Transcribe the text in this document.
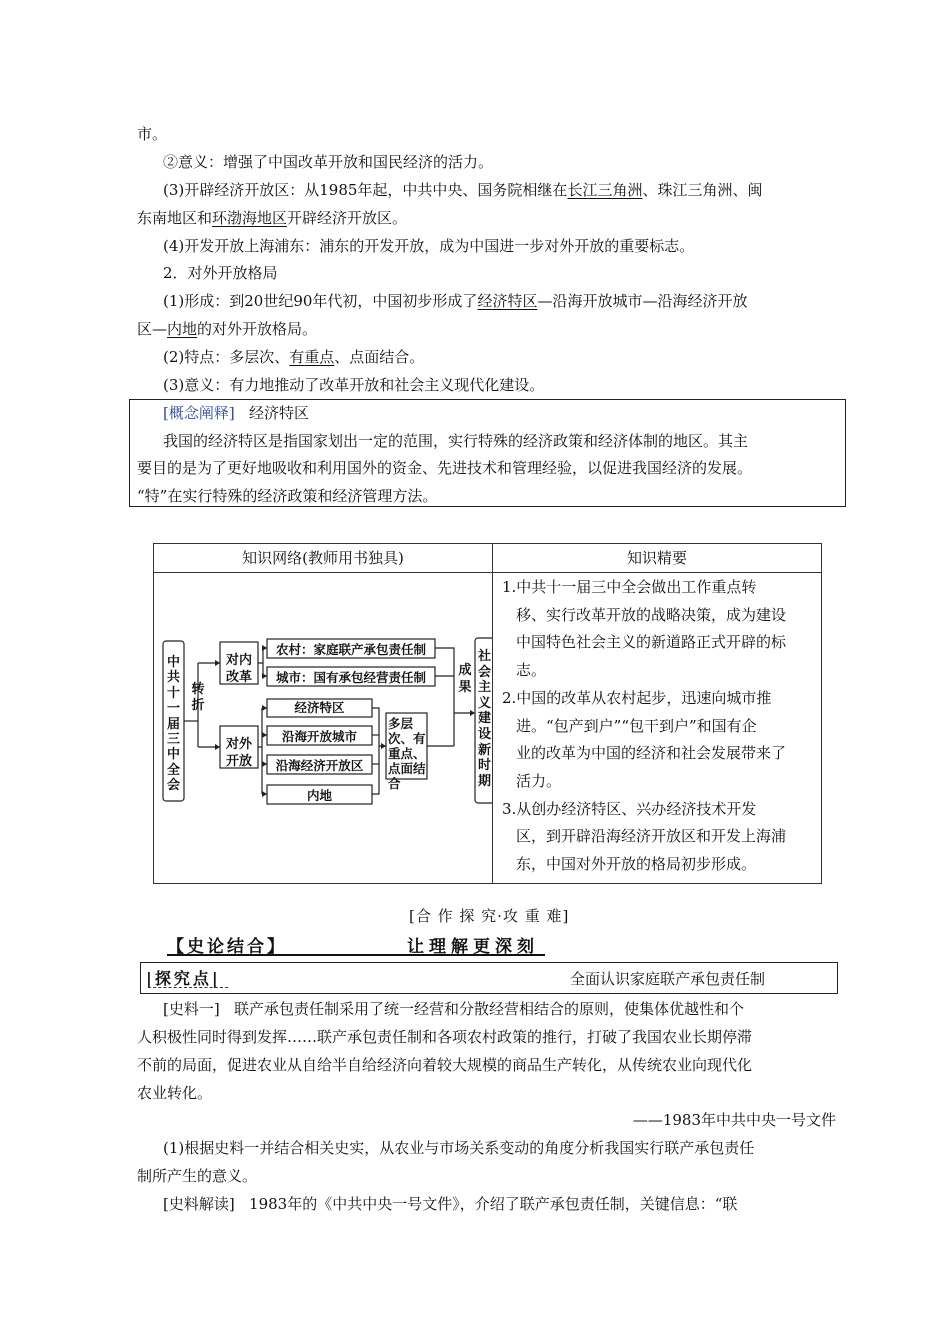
市。
②意义：增强了中国改革开放和国民经济的活力。
(3)开辟经济开放区：从1985年起，中共中央、国务院相继在长江三角洲、珠江三角洲、闽
东南地区和环渤海地区开辟经济开放区。
(4)开发开放上海浦东：浦东的开发开放，成为中国进一步对外开放的重要标志。
2．对外开放格局
(1)形成：到20世纪90年代初，中国初步形成了经济特区—沿海开放城市—沿海经济开放
区—内地的对外开放格局。
(2)特点：多层次、有重点、点面结合。
(3)意义：有力地推动了改革开放和社会主义现代化建设。
[概念阐释] 经济特区
我国的经济特区是指国家划出一定的范围，实行特殊的经济政策和经济体制的地区。其主
要目的是为了更好地吸收和利用国外的资金、先进技术和管理经验，以促进我国经济的发展。
“特”在实行特殊的经济政策和经济管理方法。
知识网络(教师用书独具)	知识精要
中共十一届三中全会
转折
对内改革
对外开放
农村：家庭联产承包责任制
城市：国有承包经营责任制
经济特区
沿海开放城市
沿海经济开放区
内地
多层次、有重点、点面结合
成果
社会主义建设新时期
1.中共十一届三中全会做出工作重点转
移、实行改革开放的战略决策，成为建设
中国特色社会主义的新道路正式开辟的标
志。
2.中国的改革从农村起步，迅速向城市推
进。“包产到户”“包干到户”和国有企
业的改革为中国的经济和社会发展带来了
活力。
3.从创办经济特区、兴办经济技术开发
区，到开辟沿海经济开放区和开发上海浦
东，中国对外开放的格局初步形成。
[合 作 探 究·攻 重 难]
【史论结合】	让理解更深刻
|探究点|	全面认识家庭联产承包责任制
[史料一] 联产承包责任制采用了统一经营和分散经营相结合的原则，使集体优越性和个
人积极性同时得到发挥……联产承包责任制和各项农村政策的推行，打破了我国农业长期停滞
不前的局面，促进农业从自给半自给经济向着较大规模的商品生产转化，从传统农业向现代化
农业转化。
——1983年中共中央一号文件
(1)根据史料一并结合相关史实，从农业与市场关系变动的角度分析我国实行联产承包责任
制所产生的意义。
[史料解读] 1983年的《中共中央一号文件》，介绍了联产承包责任制，关键信息：“联
